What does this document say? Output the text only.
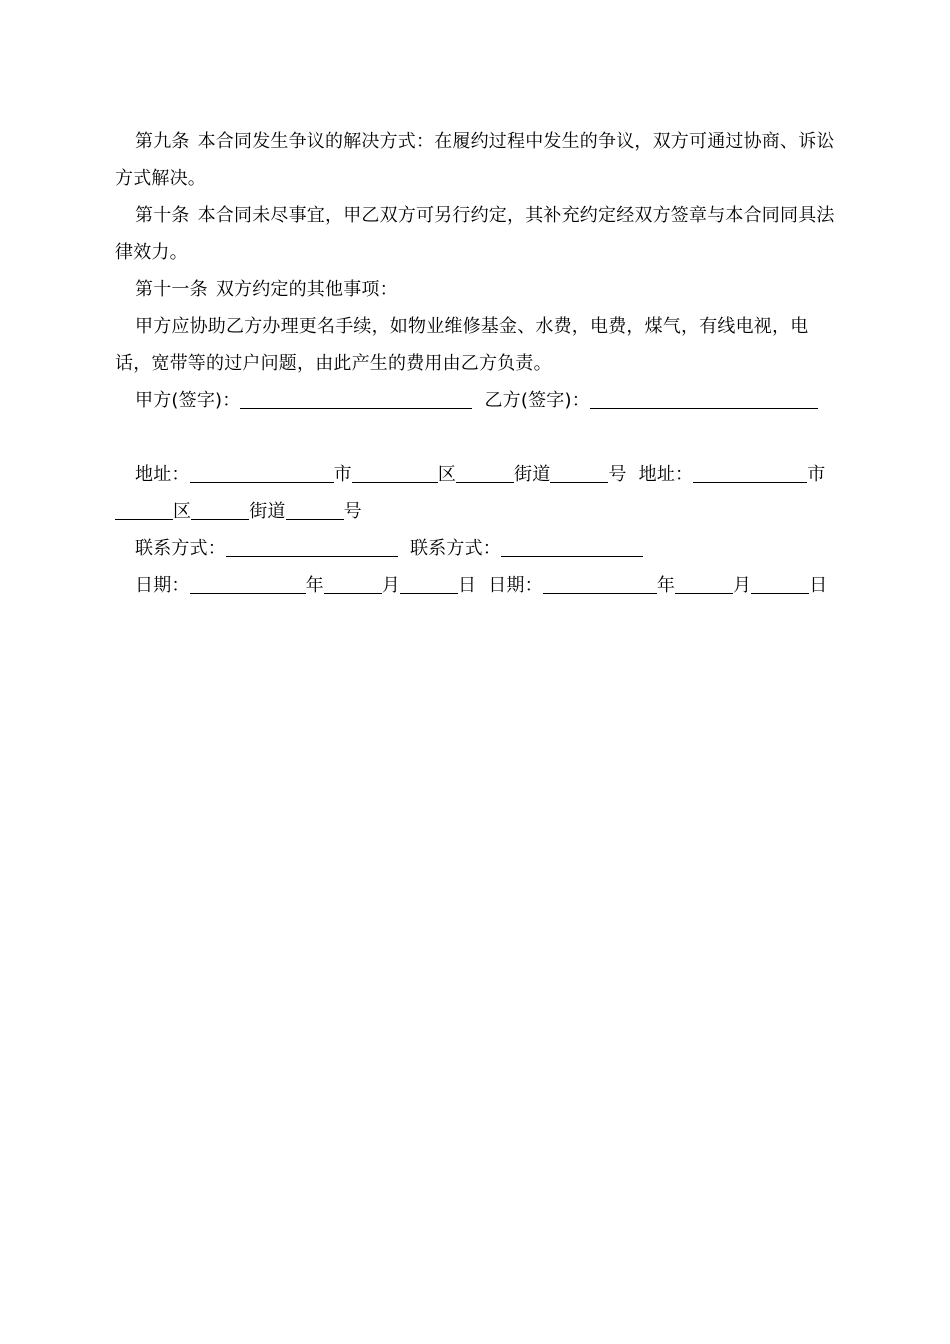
第九条 本合同发生争议的解决方式：在履约过程中发生的争议，双方可通过协商、诉讼方式解决。

第十条 本合同未尽事宜，甲乙双方可另行约定，其补充约定经双方签章与本合同同具法律效力。

第十一条 双方约定的其他事项：

甲方应协助乙方办理更名手续，如物业维修基金、水费，电费，煤气，有线电视，电话，宽带等的过户问题，由此产生的费用由乙方负责。

甲方(签字)：	乙方(签字)：

地址：	市	区	街道	号 地址：	市

区	街道	号

联系方式：	联系方式：

日期：	年	月	日 日期：	年	月	日
